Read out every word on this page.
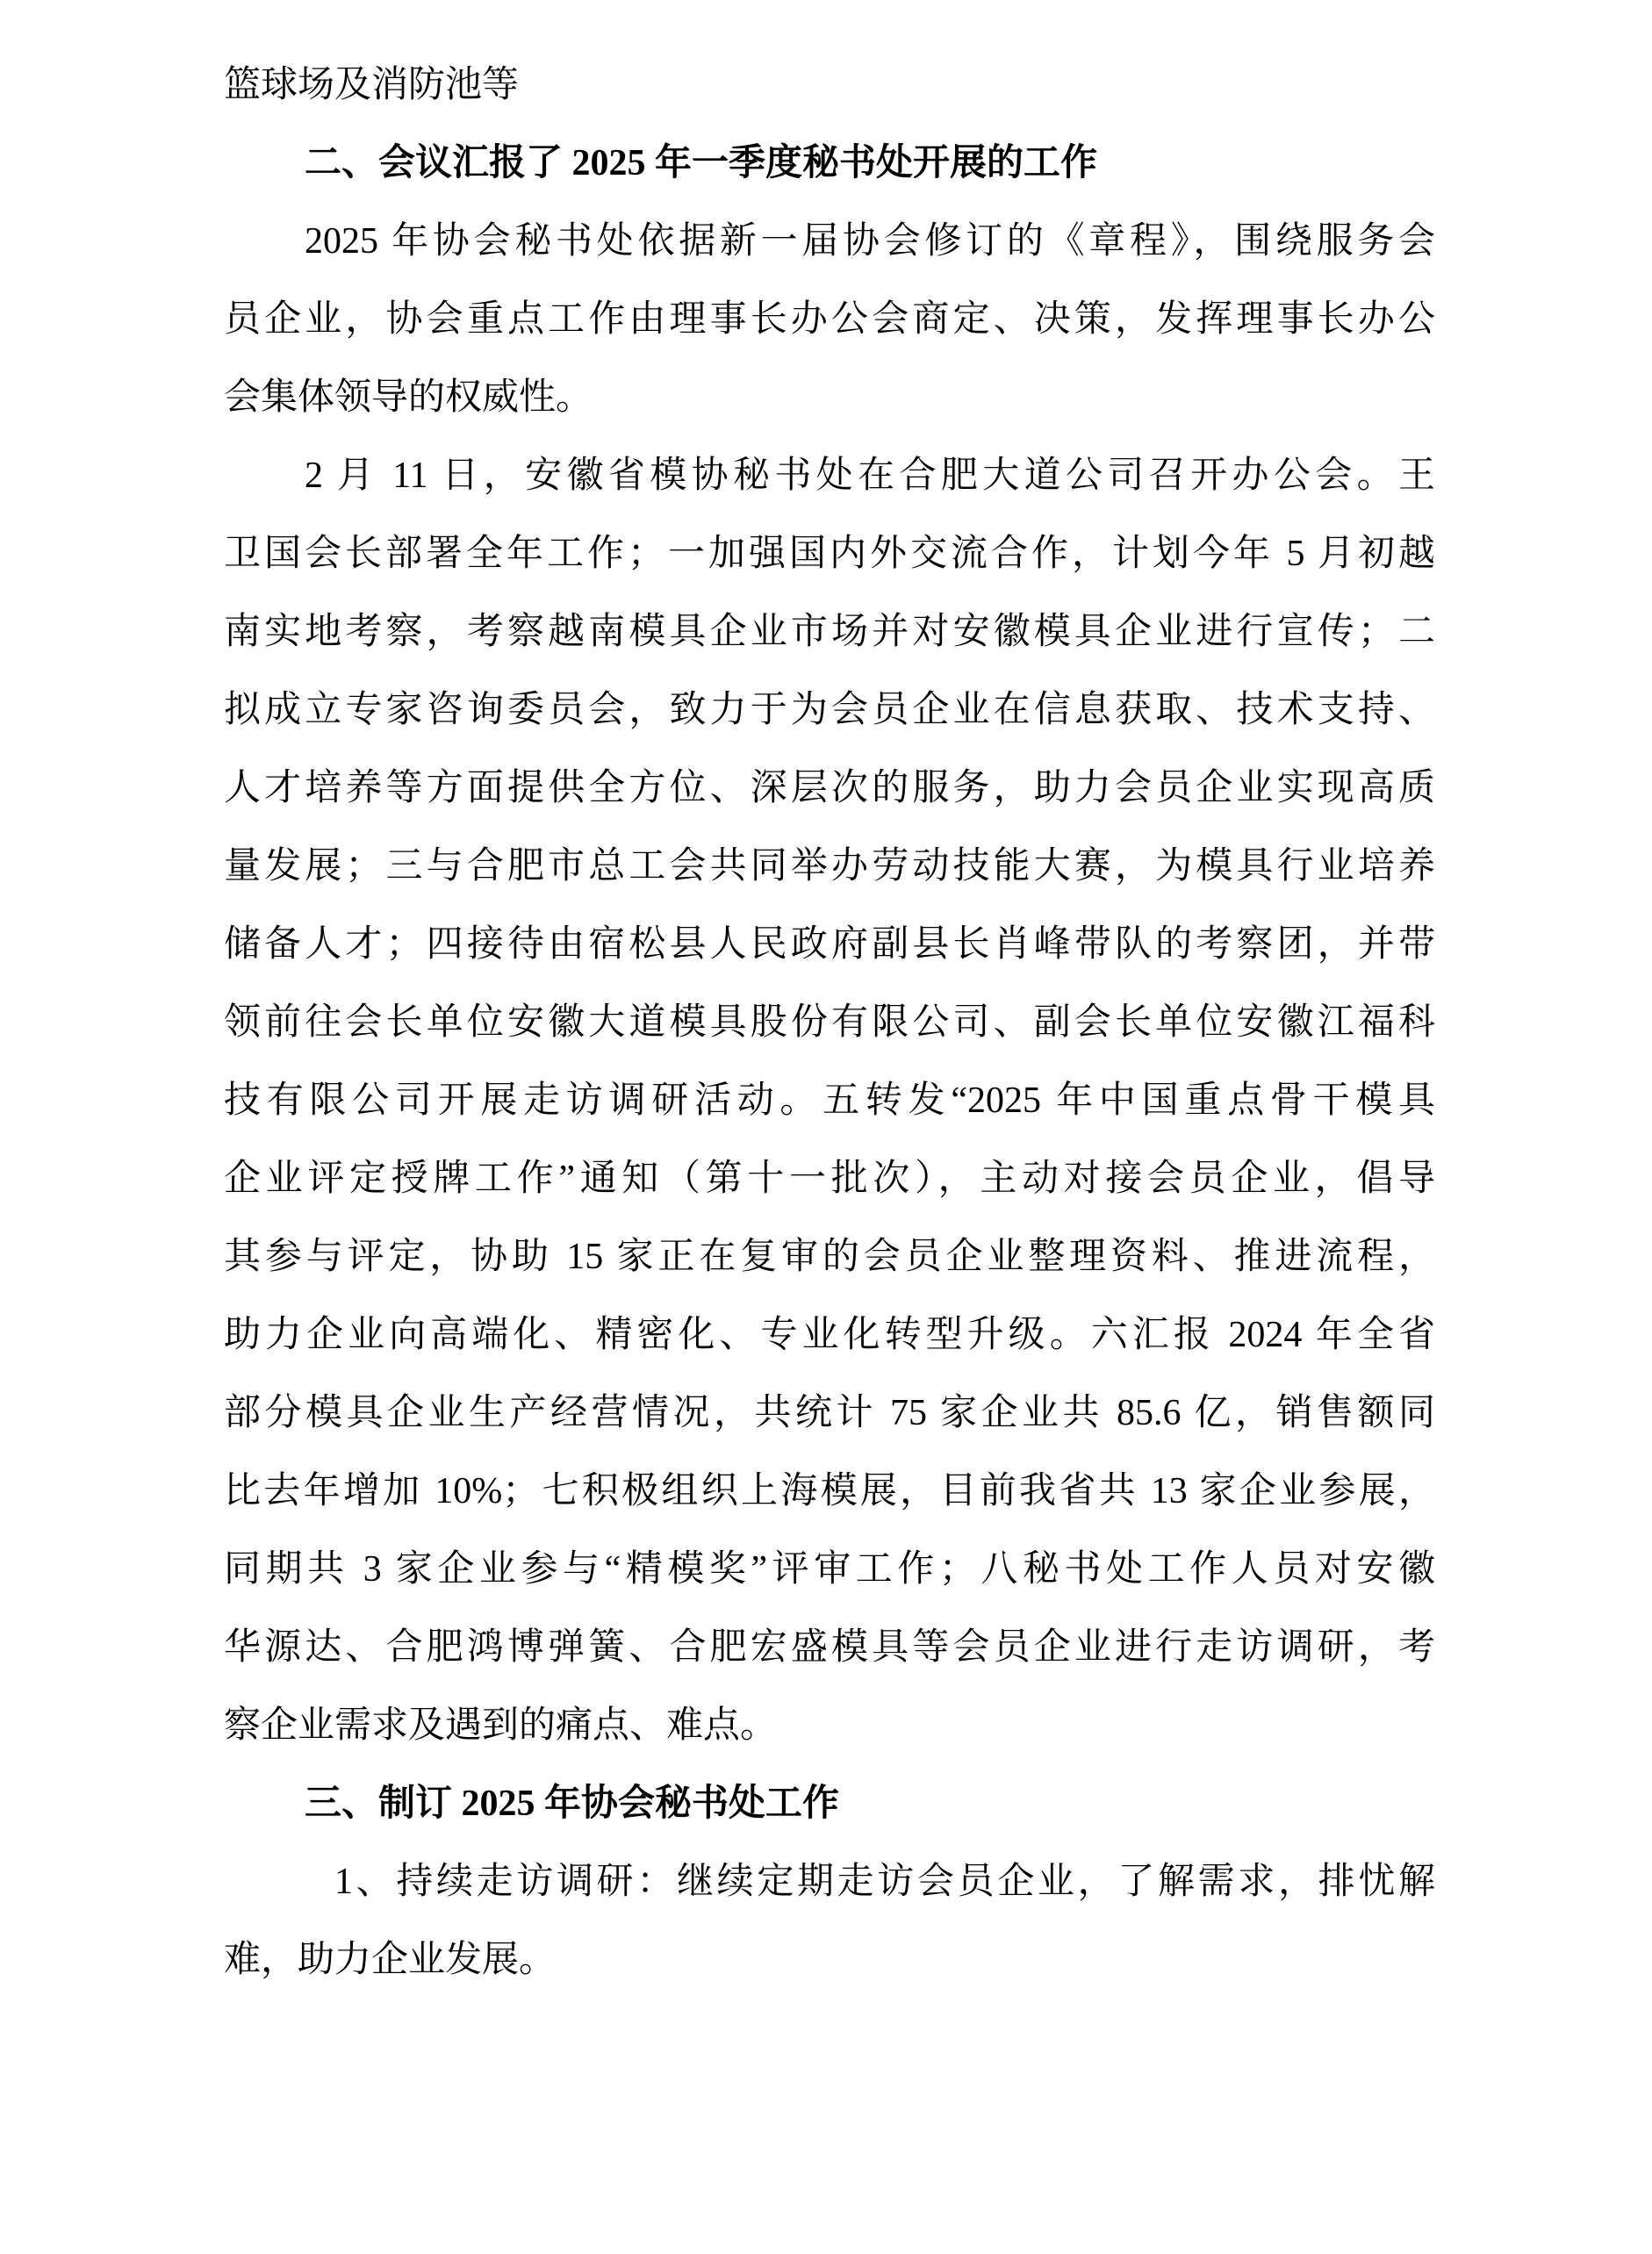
篮球场及消防池等
二、会议汇报了 2025 年一季度秘书处开展的工作
2025 年协会秘书处依据新一届协会修订的《章程》，围绕服务会
员企业，协会重点工作由理事长办公会商定、决策，发挥理事长办公
会集体领导的权威性。
2 月 11 日，安徽省模协秘书处在合肥大道公司召开办公会。王
卫国会长部署全年工作；一加强国内外交流合作，计划今年 5 月初越
南实地考察，考察越南模具企业市场并对安徽模具企业进行宣传；二
拟成立专家咨询委员会，致力于为会员企业在信息获取、技术支持、
人才培养等方面提供全方位、深层次的服务，助力会员企业实现高质
量发展；三与合肥市总工会共同举办劳动技能大赛，为模具行业培养
储备人才；四接待由宿松县人民政府副县长肖峰带队的考察团，并带
领前往会长单位安徽大道模具股份有限公司、副会长单位安徽江福科
技有限公司开展走访调研活动。五转发“2025 年中国重点骨干模具
企业评定授牌工作”通知（第十一批次），主动对接会员企业，倡导
其参与评定，协助 15 家正在复审的会员企业整理资料、推进流程，
助力企业向高端化、精密化、专业化转型升级。六汇报 2024 年全省
部分模具企业生产经营情况，共统计 75 家企业共 85.6 亿，销售额同
比去年增加 10%；七积极组织上海模展，目前我省共 13 家企业参展，
同期共 3 家企业参与“精模奖”评审工作；八秘书处工作人员对安徽
华源达、合肥鸿博弹簧、合肥宏盛模具等会员企业进行走访调研，考
察企业需求及遇到的痛点、难点。
三、制订 2025 年协会秘书处工作
1、持续走访调研：继续定期走访会员企业，了解需求，排忧解
难，助力企业发展。
